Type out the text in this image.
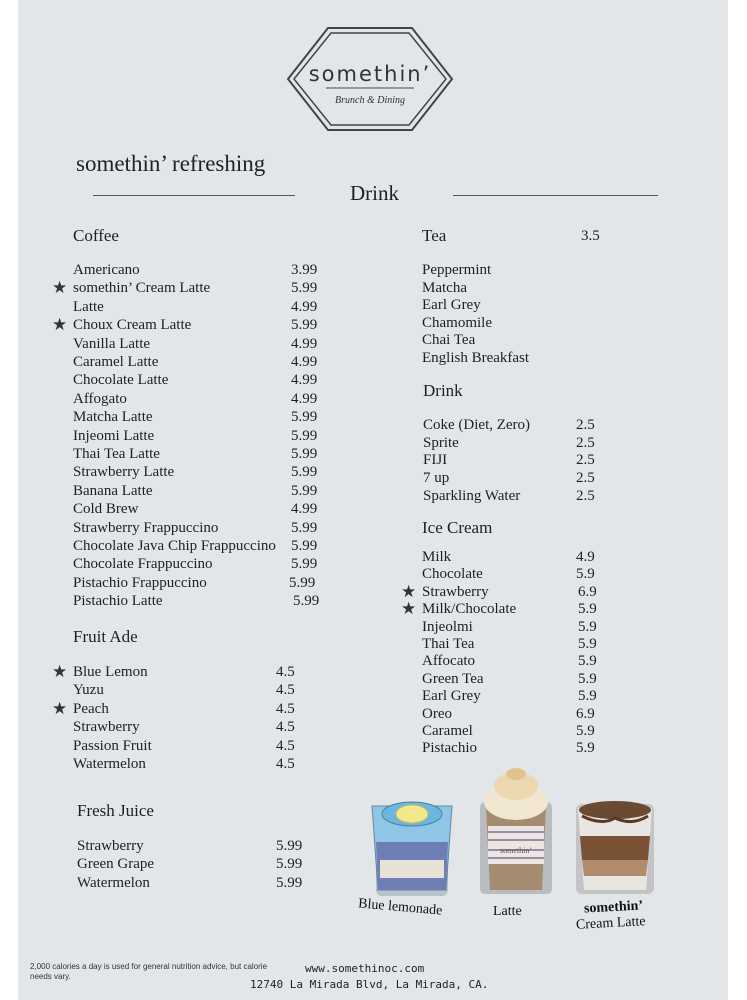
somethin’
Brunch & Dining
somethin’ refreshing
Drink
Coffee
Americano	3.99
somethin’ Cream Latte	5.99
★
Latte	4.99
Choux Cream Latte	5.99
★
Vanilla Latte	4.99
Caramel Latte	4.99
Chocolate Latte	4.99
Affogato	4.99
Matcha Latte	5.99
Injeomi Latte	5.99
Thai Tea Latte	5.99
Strawberry Latte	5.99
Banana Latte	5.99
Cold Brew	4.99
Strawberry Frappuccino	5.99
Chocolate Java Chip Frappuccino 5.99
Chocolate Frappuccino	5.99
Pistachio Frappuccino	5.99
Pistachio Latte	5.99
Fruit Ade
Blue Lemon	4.5
★
Yuzu	4.5
Peach	4.5
★
Strawberry	4.5
Passion Fruit	4.5
Watermelon	4.5
Fresh Juice
Strawberry	5.99
Green Grape	5.99
Watermelon	5.99
Tea	3.5
Peppermint
Matcha
Earl Grey
Chamomile
Chai Tea
English Breakfast
Drink
Coke (Diet, Zero)	2.5
Sprite	2.5
FIJI	2.5
7 up	2.5
Sparkling Water	2.5
Ice Cream
Milk	4.9
Chocolate	5.9
Strawberry	6.9
★
Milk/Chocolate	5.9
★
Injeolmi	5.9
Thai Tea	5.9
Affocato	5.9
Green Tea	5.9
Earl Grey	5.9
Oreo	6.9
Caramel	5.9
Pistachio	5.9
somethin’
Blue lemonade	Latte	somethin’
Cream Latte
2,000 calories a day is used for general nutrition advice, but calorie needs vary.
www.somethinoc.com
12740 La Mirada Blvd, La Mirada, CA.
